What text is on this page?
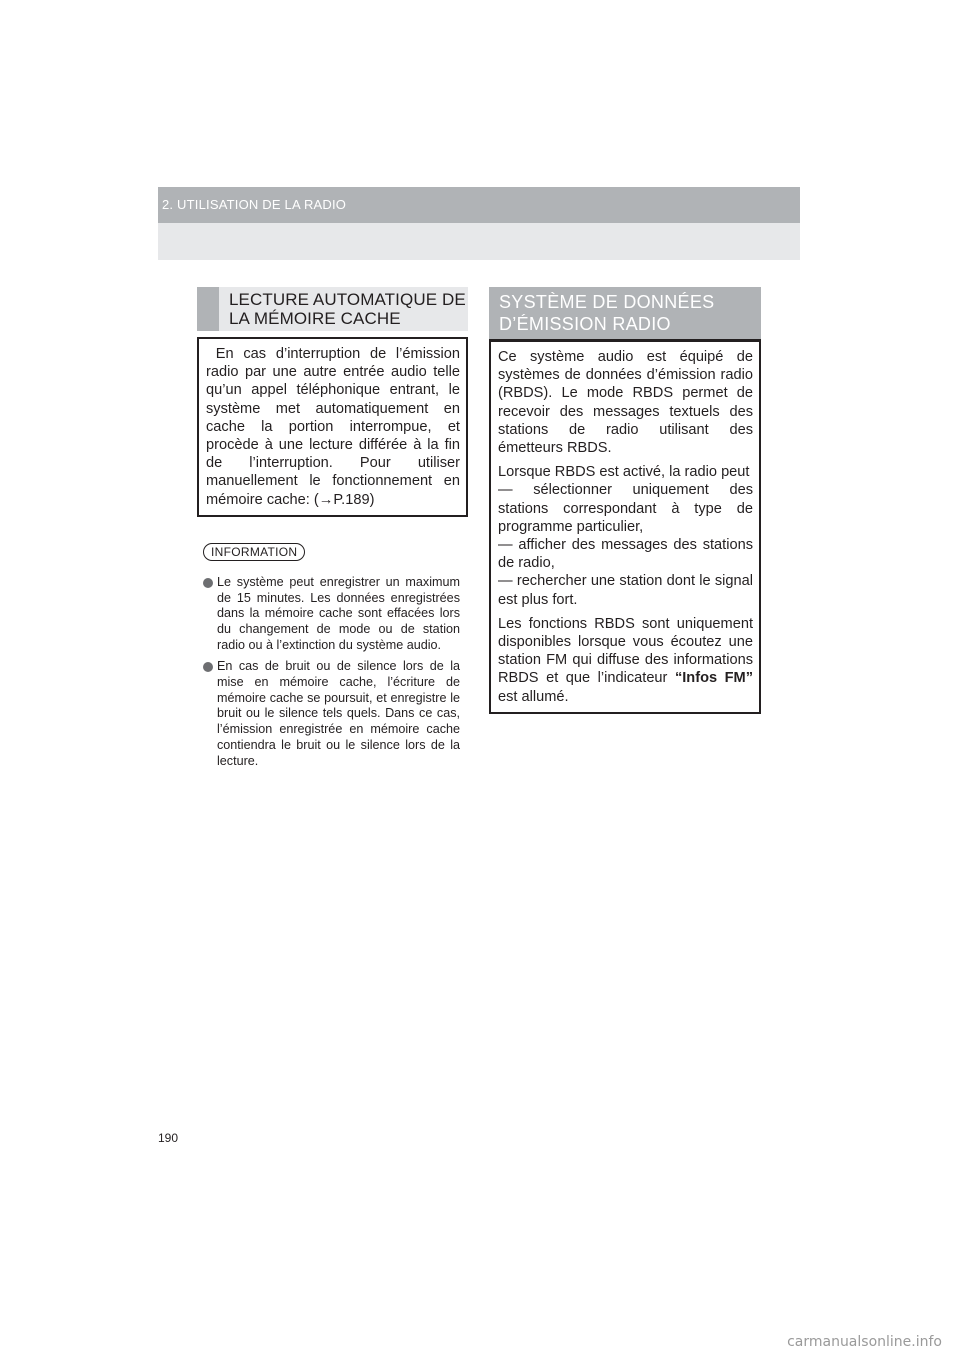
2. UTILISATION DE LA RADIO
LECTURE AUTOMATIQUE DE
LA MÉMOIRE CACHE

En cas d’interruption de l’émission radio par une autre entrée audio telle qu’un appel téléphonique entrant, le système met automatiquement en cache la portion interrompue, et procède à une lecture différée à la fin de l’interruption. Pour utiliser manuellement le fonctionnement en mémoire cache: (→P.189)

INFORMATION
Le système peut enregistrer un maximum de 15 minutes. Les données enregistrées dans la mémoire cache sont effacées lors du changement de mode ou de station radio ou à l’extinction du système audio.
En cas de bruit ou de silence lors de la mise en mémoire cache, l’écriture de mémoire cache se poursuit, et enregistre le bruit ou le silence tels quels. Dans ce cas, l’émission enregistrée en mémoire cache contiendra le bruit ou le silence lors de la lecture.
SYSTÈME DE DONNÉES
D’ÉMISSION RADIO

Ce système audio est équipé de systèmes de données d’émission radio (RBDS). Le mode RBDS permet de recevoir des messages textuels des stations de radio utilisant des émetteurs RBDS.

Lorsque RBDS est activé, la radio peut
— sélectionner uniquement des stations correspondant à type de programme particulier,
— afficher des messages des stations de radio,
— rechercher une station dont le signal est plus fort.

Les fonctions RBDS sont uniquement disponibles lorsque vous écoutez une station FM qui diffuse des informations RBDS et que l’indicateur “Infos FM” est allumé.

190
carmanualsonline.info
